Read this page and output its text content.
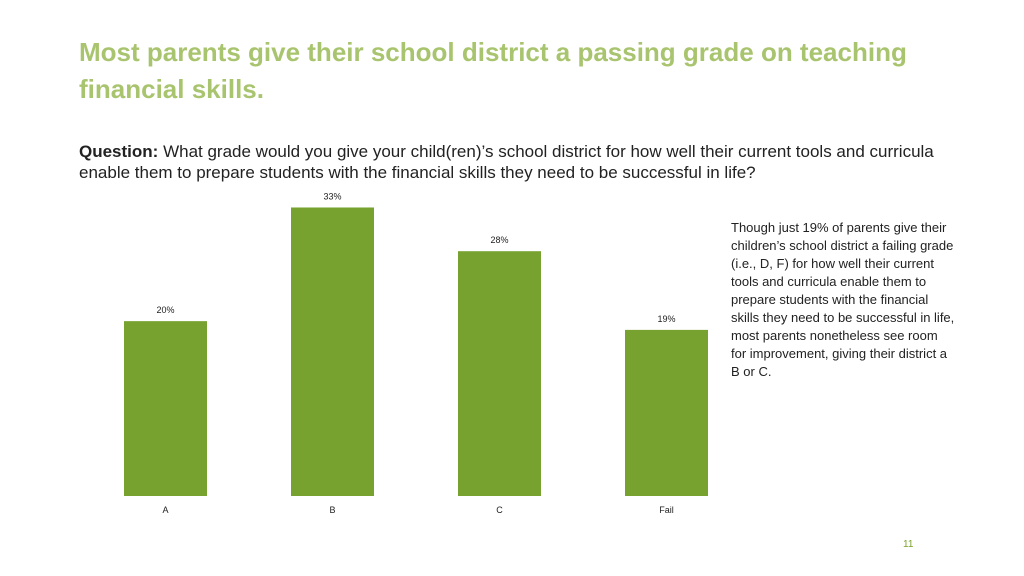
Most parents give their school district a passing grade on teaching financial skills.

Question: What grade would you give your child(ren)’s school district for how well their current tools and curricula enable them to prepare students with the financial skills they need to be successful in life?

20%
A
33%
B
28%
C
19%
Fail

Though just 19% of parents give their children’s school district a failing grade (i.e., D, F) for how well their current tools and curricula enable them to prepare students with the financial skills they need to be successful in life, most parents nonetheless see room for improvement, giving their district a B or C.

11
